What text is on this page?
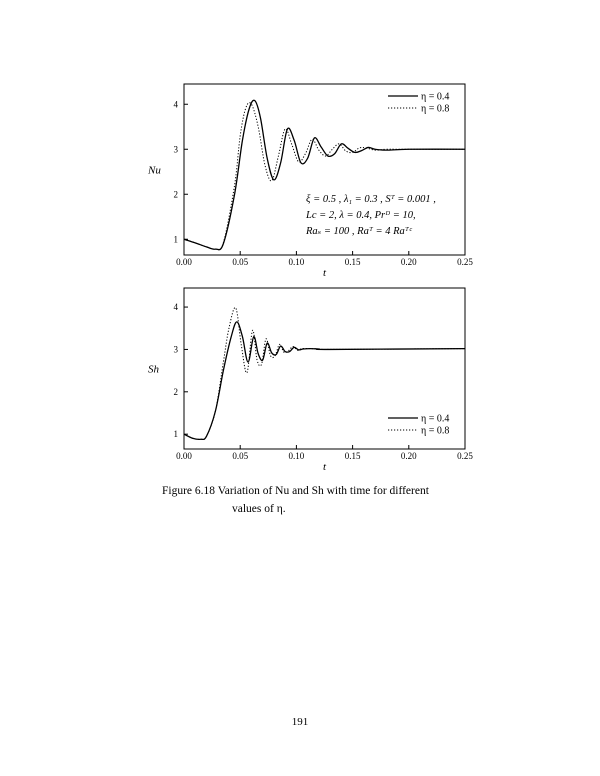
0.00	0.05	0.10	0.15	0.20	0.25
1
2
3
4
t
Nu
η = 0.4
η = 0.8
ξ = 0.5 , λ₁ = 0.3 , Sᵀ = 0.001 ,
Lc = 2, λ = 0.4, Prᴰ = 10,
Raₛ = 100 , Raᵀ = 4 Raᵀᶜ
0.00	0.05	0.10	0.15	0.20	0.25
1
2
3
4
t
Sh
η = 0.4
η = 0.8
Figure 6.18 Variation of Nu and Sh with time for different
values of η.
191
